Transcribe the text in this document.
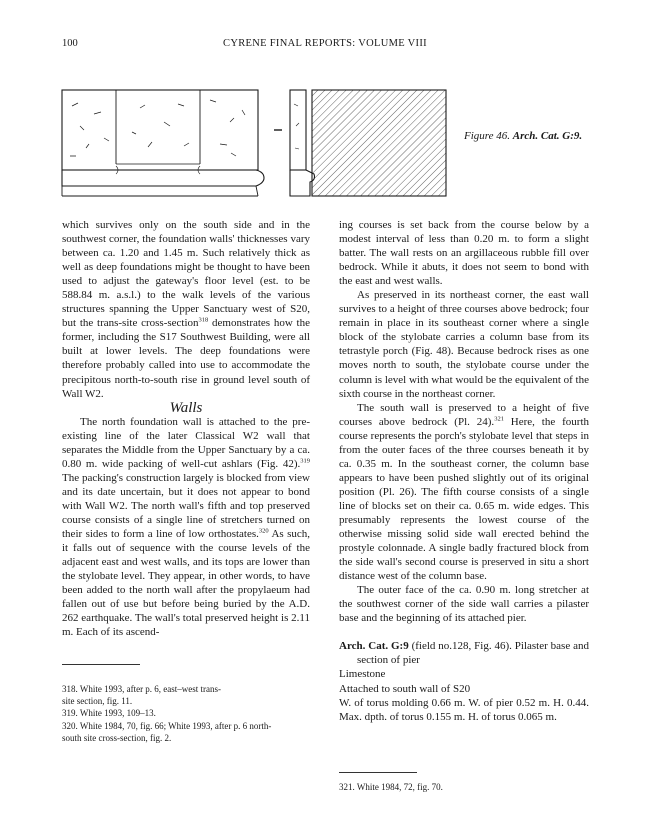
100	CYRENE FINAL REPORTS: VOLUME VIII
Figure 46. Arch. Cat. G:9.

which survives only on the south side and in the southwest corner, the foundation walls' thicknesses vary between ca. 1.20 and 1.45 m. Such relatively thick as well as deep foundations might be thought to have been used to adjust the gateway's floor level (est. to be 588.84 m. a.s.l.) to the walk levels of the various structures spanning the Upper Sanctuary west of S20, but the trans-site cross-section$^{318}$ demonstrates how the former, including the S17 Southwest Building, were all built at lower levels. The deep foundations were therefore probably called into use to accommodate the precipitous north-to-south rise in ground level south of Wall W2.

Walls

The north foundation wall is attached to the pre-existing line of the later Classical W2 wall that separates the Middle from the Upper Sanctuary by a ca. 0.80 m. wide packing of well-cut ashlars (Fig. 42).$^{319}$ The packing's construction largely is blocked from view and its date uncertain, but it does not appear to bond with Wall W2. The north wall's fifth and top preserved course consists of a single line of stretchers turned on their sides to form a line of low orthostates.$^{320}$ As such, it falls out of sequence with the course levels of the adjacent east and west walls, and its tops are lower than the stylobate level. They appear, in other words, to have been added to the north wall after the propylaeum had fallen out of use but before being buried by the A.D. 262 earthquake. The wall's total preserved height is 2.11 m. Each of its ascend-

ing courses is set back from the course below by a modest interval of less than 0.20 m. to form a slight batter. The wall rests on an argillaceous rubble fill over bedrock. While it abuts, it does not seem to bond with the east and west walls.

As preserved in its northeast corner, the east wall survives to a height of three courses above bedrock; four remain in place in its southeast corner where a single block of the stylobate carries a column base from its tetrastyle porch (Fig. 48). Because bedrock rises as one moves north to south, the stylobate course under the column is level with what would be the equivalent of the sixth course in the northeast corner.

The south wall is preserved to a height of five courses above bedrock (Pl. 24).$^{321}$ Here, the fourth course represents the porch's stylobate level that steps in from the outer faces of the three courses beneath it by ca. 0.35 m. In the southeast corner, the column base appears to have been pushed slightly out of its original position (Pl. 26). The fifth course consists of a single line of blocks set on their ca. 0.65 m. wide edges. This presumably represents the lowest course of the otherwise missing solid side wall erected behind the prostyle colonnade. A single badly fractured block from the side wall's second course is preserved in situ a short distance west of the column base.

The outer face of the ca. 0.90 m. long stretcher at the southwest corner of the side wall carries a pilaster base and the beginning of its attached pier.

Arch. Cat. G:9 (field no.128, Fig. 46). Pilaster base and section of pier

Limestone

Attached to south wall of S20

W. of torus molding 0.66 m. W. of pier 0.52 m. H. 0.44. Max. dpth. of torus 0.155 m. H. of torus 0.065 m.

318. White 1993, after p. 6, east–west trans-

site section, fig. 11.

319. White 1993, 109–13.

320. White 1984, 70, fig. 66; White 1993, after p. 6 north-

south site cross-section, fig. 2.

321. White 1984, 72, fig. 70.
